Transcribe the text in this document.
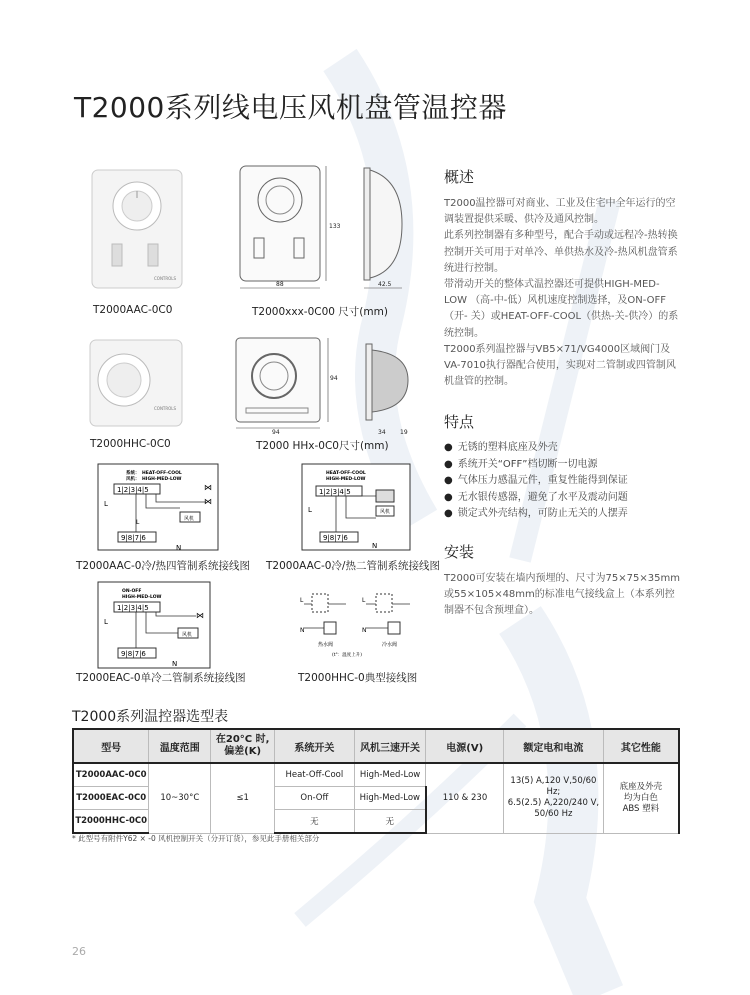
T2000系列线电压风机盘管温控器
CONTROLS
T2000AAC-0C0
88
133
42.5
T2000xxx-0C00 尺寸(mm)
CONTROLS
T2000HHC-0C0
94
94
34 19
T2000 HHx-0C0尺寸(mm)
系统： HEAT-OFF-COOL
风机： HIGH-MED-LOW
1|2|3|4|5
9|8|7|6
L
L	风机
N
⋈
⋈
T2000AAC-0冷/热四管制系统接线图
HEAT-OFF-COOL
HIGH-MED-LOW
1|2|3|4|5
9|8|7|6
风机
L
N
T2000AAC-0冷/热二管制系统接线图
ON-OFF
HIGH-MED-LOW
1|2|3|4|5
9|8|7|6
风机
L
N
⋈
T2000EAC-0单冷二管制系统接线图
L	L
N	N
热水阀	冷水阀
(t°：温度上升)
T2000HHC-0典型接线图
概述

T2000温控器可对商业、工业及住宅中全年运行的空调装置提供采暖、供冷及通风控制。

此系列控制器有多种型号，配合手动或远程冷-热转换控制开关可用于对单冷、单供热水及冷-热风机盘管系统进行控制。

带滑动开关的整体式温控器还可提供HIGH-MED-LOW （高-中-低）风机速度控制选择，及ON-OFF（开- 关）或HEAT-OFF-COOL（供热-关-供冷）的系统控制。

T2000系列温控器与VB5×71/VG4000区域阀门及VA-7010执行器配合使用，实现对二管制或四管制风机盘管的控制。

特点
● 无锈的塑料底座及外壳
● 系统开关“OFF”档切断一切电源
● 气体压力感温元件，重复性能得到保证
● 无水银传感器，避免了水平及震动问题
● 锁定式外壳结构，可防止无关的人摆弄
安装
T2000可安装在墙内预埋的、尺寸为75×75×35mm或55×105×48mm的标准电气接线盒上（本系列控制器不包含预埋盒）。
T2000系列温控器选型表
型号	温度范围	在20°C 时,
偏差(K)	系统开关	风机三速开关	电源(V)	额定电和电流	其它性能
T2000AAC-0C0	10~30°C	≤1	Heat-Off-Cool	High-Med-Low	110 & 230	13(5) A,120 V,50/60 Hz;
6.5(2.5) A,220/240 V,
50/60 Hz	底座及外壳
均为白色
ABS 塑料
T2000EAC-0C0			On-Off	High-Med-Low			
T2000HHC-0C0			无	无			
* 此型号有附件Y62 × -0 风机控制开关（分开订货），参见此手册相关部分
26
